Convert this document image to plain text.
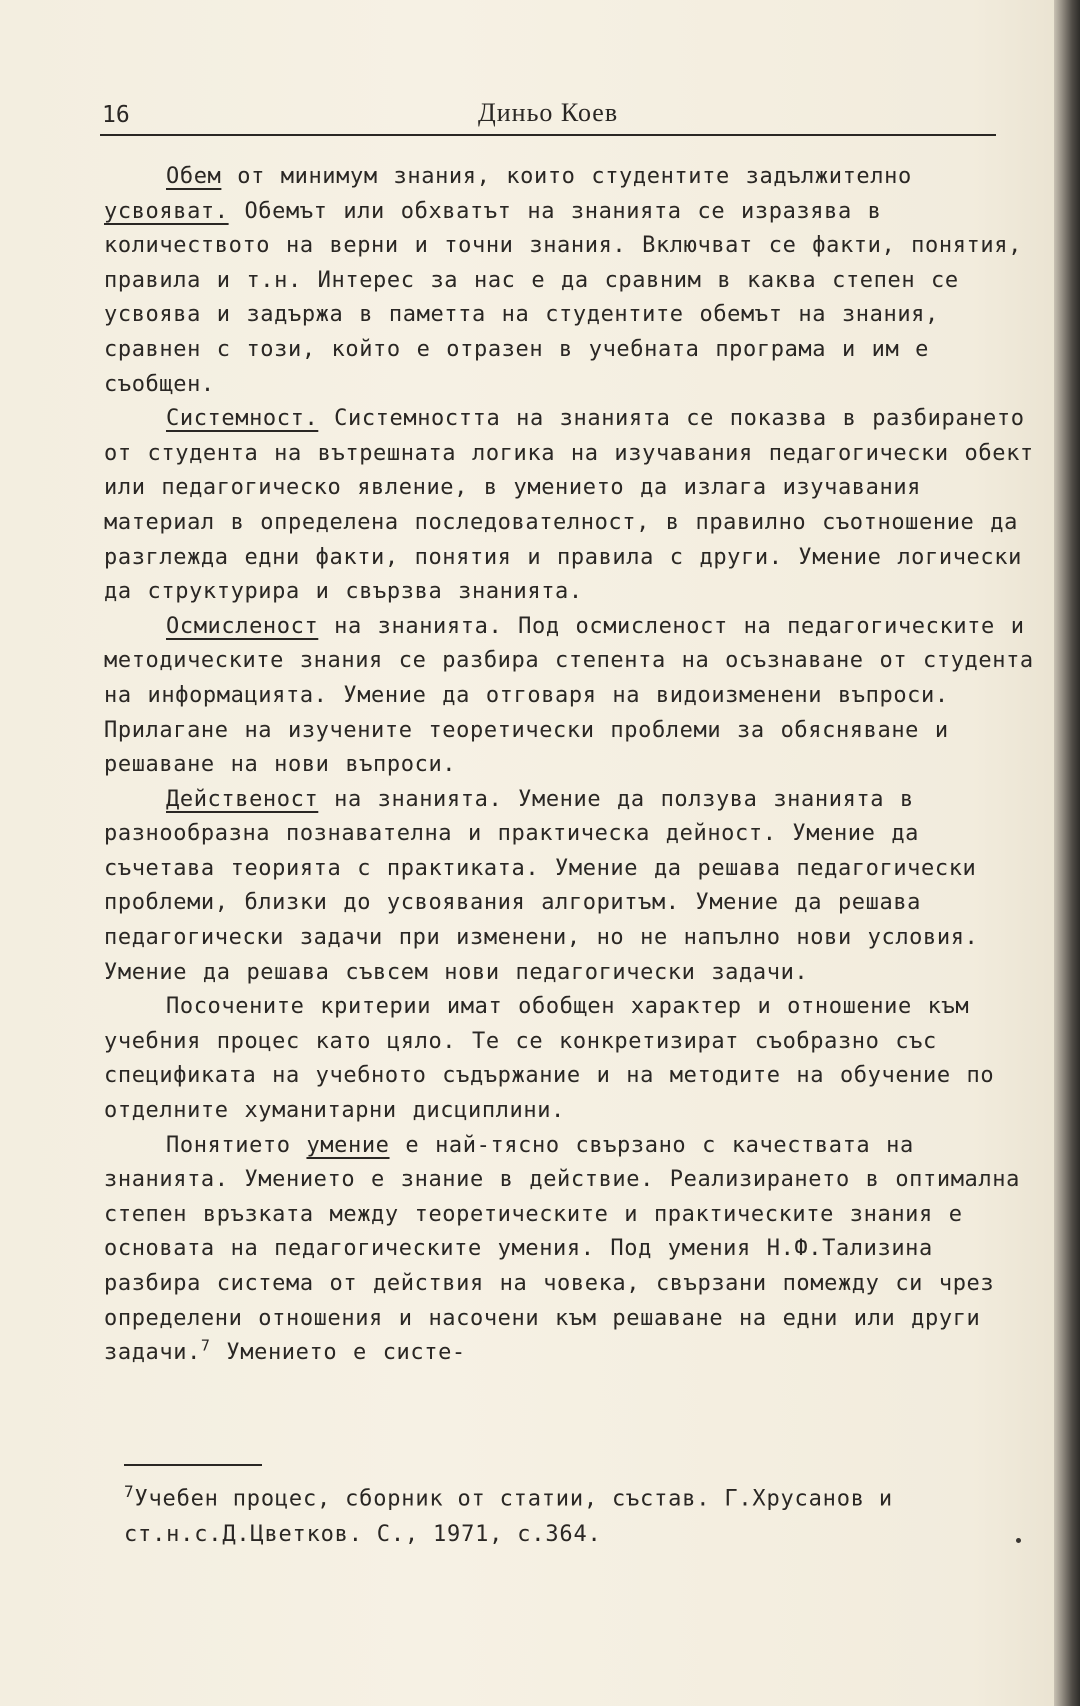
16	Диньо Коев

Обем от минимум знания, които студентите задължително усвояват. Обемът или обхватът на знанията се изразява в количеството на верни и точни знания. Включват се факти, понятия, правила и т.н. Интерес за нас е да сравним в каква степен се усвоява и задържа в паметта на студентите обемът на знания, сравнен с този, който е отразен в учебната програма и им е съобщен.

Системност. Системността на знанията се показва в разбирането от студента на вътрешната логика на изучавания педагогически обект или педагогическо явление, в умението да излага изучавания материал в определена последователност, в правилно съотношение да разглежда едни факти, понятия и правила с други. Умение логически да структурира и свързва знанията.

Осмисленост на знанията. Под осмисленост на педагогическите и методическите знания се разбира степента на осъзнаване от студента на информацията. Умение да отговаря на видоизменени въпроси. Прилагане на изучените теоретически проблеми за обясняване и решаване на нови въпроси.

Действеност на знанията. Умение да ползува знанията в разнообразна познавателна и практическа дейност. Умение да съчетава теорията с практиката. Умение да решава педагогически проблеми, близки до усвоявания алгоритъм. Умение да решава педагогически задачи при изменени, но не напълно нови условия. Умение да решава съвсем нови педагогически задачи.

Посочените критерии имат обобщен характер и отношение към учебния процес като цяло. Те се конкретизират съобразно със спецификата на учебното съдържание и на методите на обучение по отделните хуманитарни дисциплини.

Понятието умение е най-тясно свързано с качествата на знанията. Умението е знание в действие. Реализирането в оптимална степен връзката между теоретическите и практическите знания е основата на педагогическите умения. Под умения Н.Ф.Тализина разбира система от действия на човека, свързани помежду си чрез определени отношения и насочени към решаване на едни или други задачи.$^7$ Умението е систе-

$^7$Учебен процес, сборник от статии, състав. Г.Хрусанов и ст.н.с.Д.Цветков. С., 1971, с.364.
